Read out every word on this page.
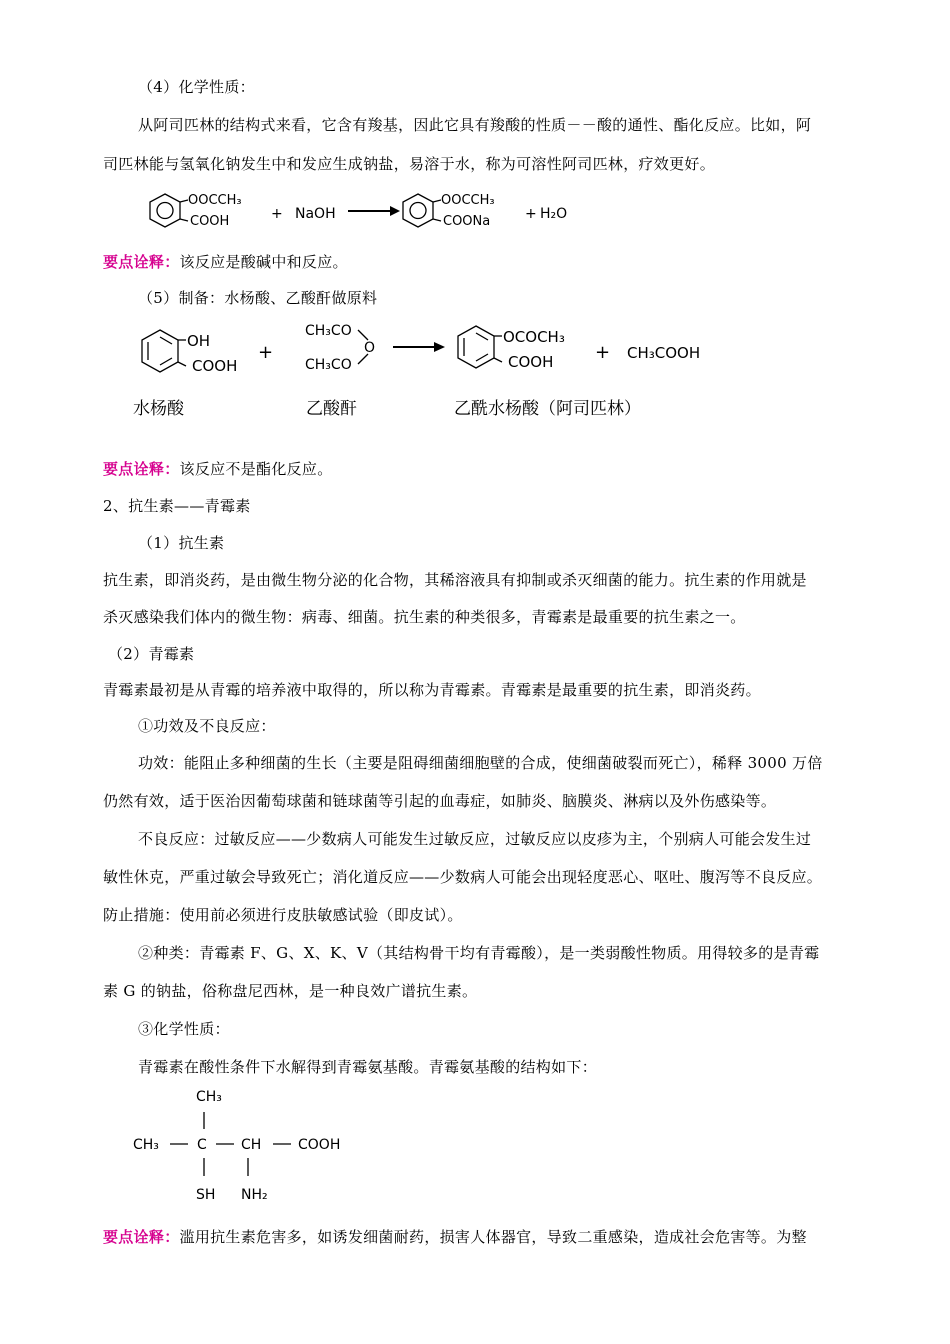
（4）化学性质：
从阿司匹林的结构式来看，它含有羧基，因此它具有羧酸的性质－－酸的通性、酯化反应。比如，阿
司匹林能与氢氧化钠发生中和发应生成钠盐，易溶于水，称为可溶性阿司匹林，疗效更好。
OOCCH₃
COOH	+ NaOH
OOCCH₃
COONa + H₂O
要点诠释：该反应是酸碱中和反应。
（5）制备：水杨酸、乙酸酐做原料
OH
COOH
+
CH₃CO
CH₃CO
O
OCOCH₃
COOH + CH₃COOH
水杨酸	乙酸酐	乙酰水杨酸（阿司匹林）
要点诠释：该反应不是酯化反应。
2、抗生素——青霉素
（1）抗生素
抗生素，即消炎药，是由微生物分泌的化合物，其稀溶液具有抑制或杀灭细菌的能力。抗生素的作用就是
杀灭感染我们体内的微生物：病毒、细菌。抗生素的种类很多，青霉素是最重要的抗生素之一。
（2）青霉素
青霉素最初是从青霉的培养液中取得的，所以称为青霉素。青霉素是最重要的抗生素，即消炎药。
①功效及不良反应：
功效：能阻止多种细菌的生长（主要是阻碍细菌细胞壁的合成，使细菌破裂而死亡），稀释 3000 万倍
仍然有效，适于医治因葡萄球菌和链球菌等引起的血毒症，如肺炎、脑膜炎、淋病以及外伤感染等。
不良反应：过敏反应——少数病人可能发生过敏反应，过敏反应以皮疹为主，个别病人可能会发生过
敏性休克，严重过敏会导致死亡；消化道反应——少数病人可能会出现轻度恶心、呕吐、腹泻等不良反应。
防止措施：使用前必须进行皮肤敏感试验（即皮试）。
②种类：青霉素 F、G、X、K、V（其结构骨干均有青霉酸），是一类弱酸性物质。用得较多的是青霉
素 G 的钠盐，俗称盘尼西林，是一种良效广谱抗生素。
③化学性质：
青霉素在酸性条件下水解得到青霉氨基酸。青霉氨基酸的结构如下：
CH₃
CH₃	C CH	COOH
SH NH₂
要点诠释：滥用抗生素危害多，如诱发细菌耐药，损害人体器官，导致二重感染，造成社会危害等。为整
